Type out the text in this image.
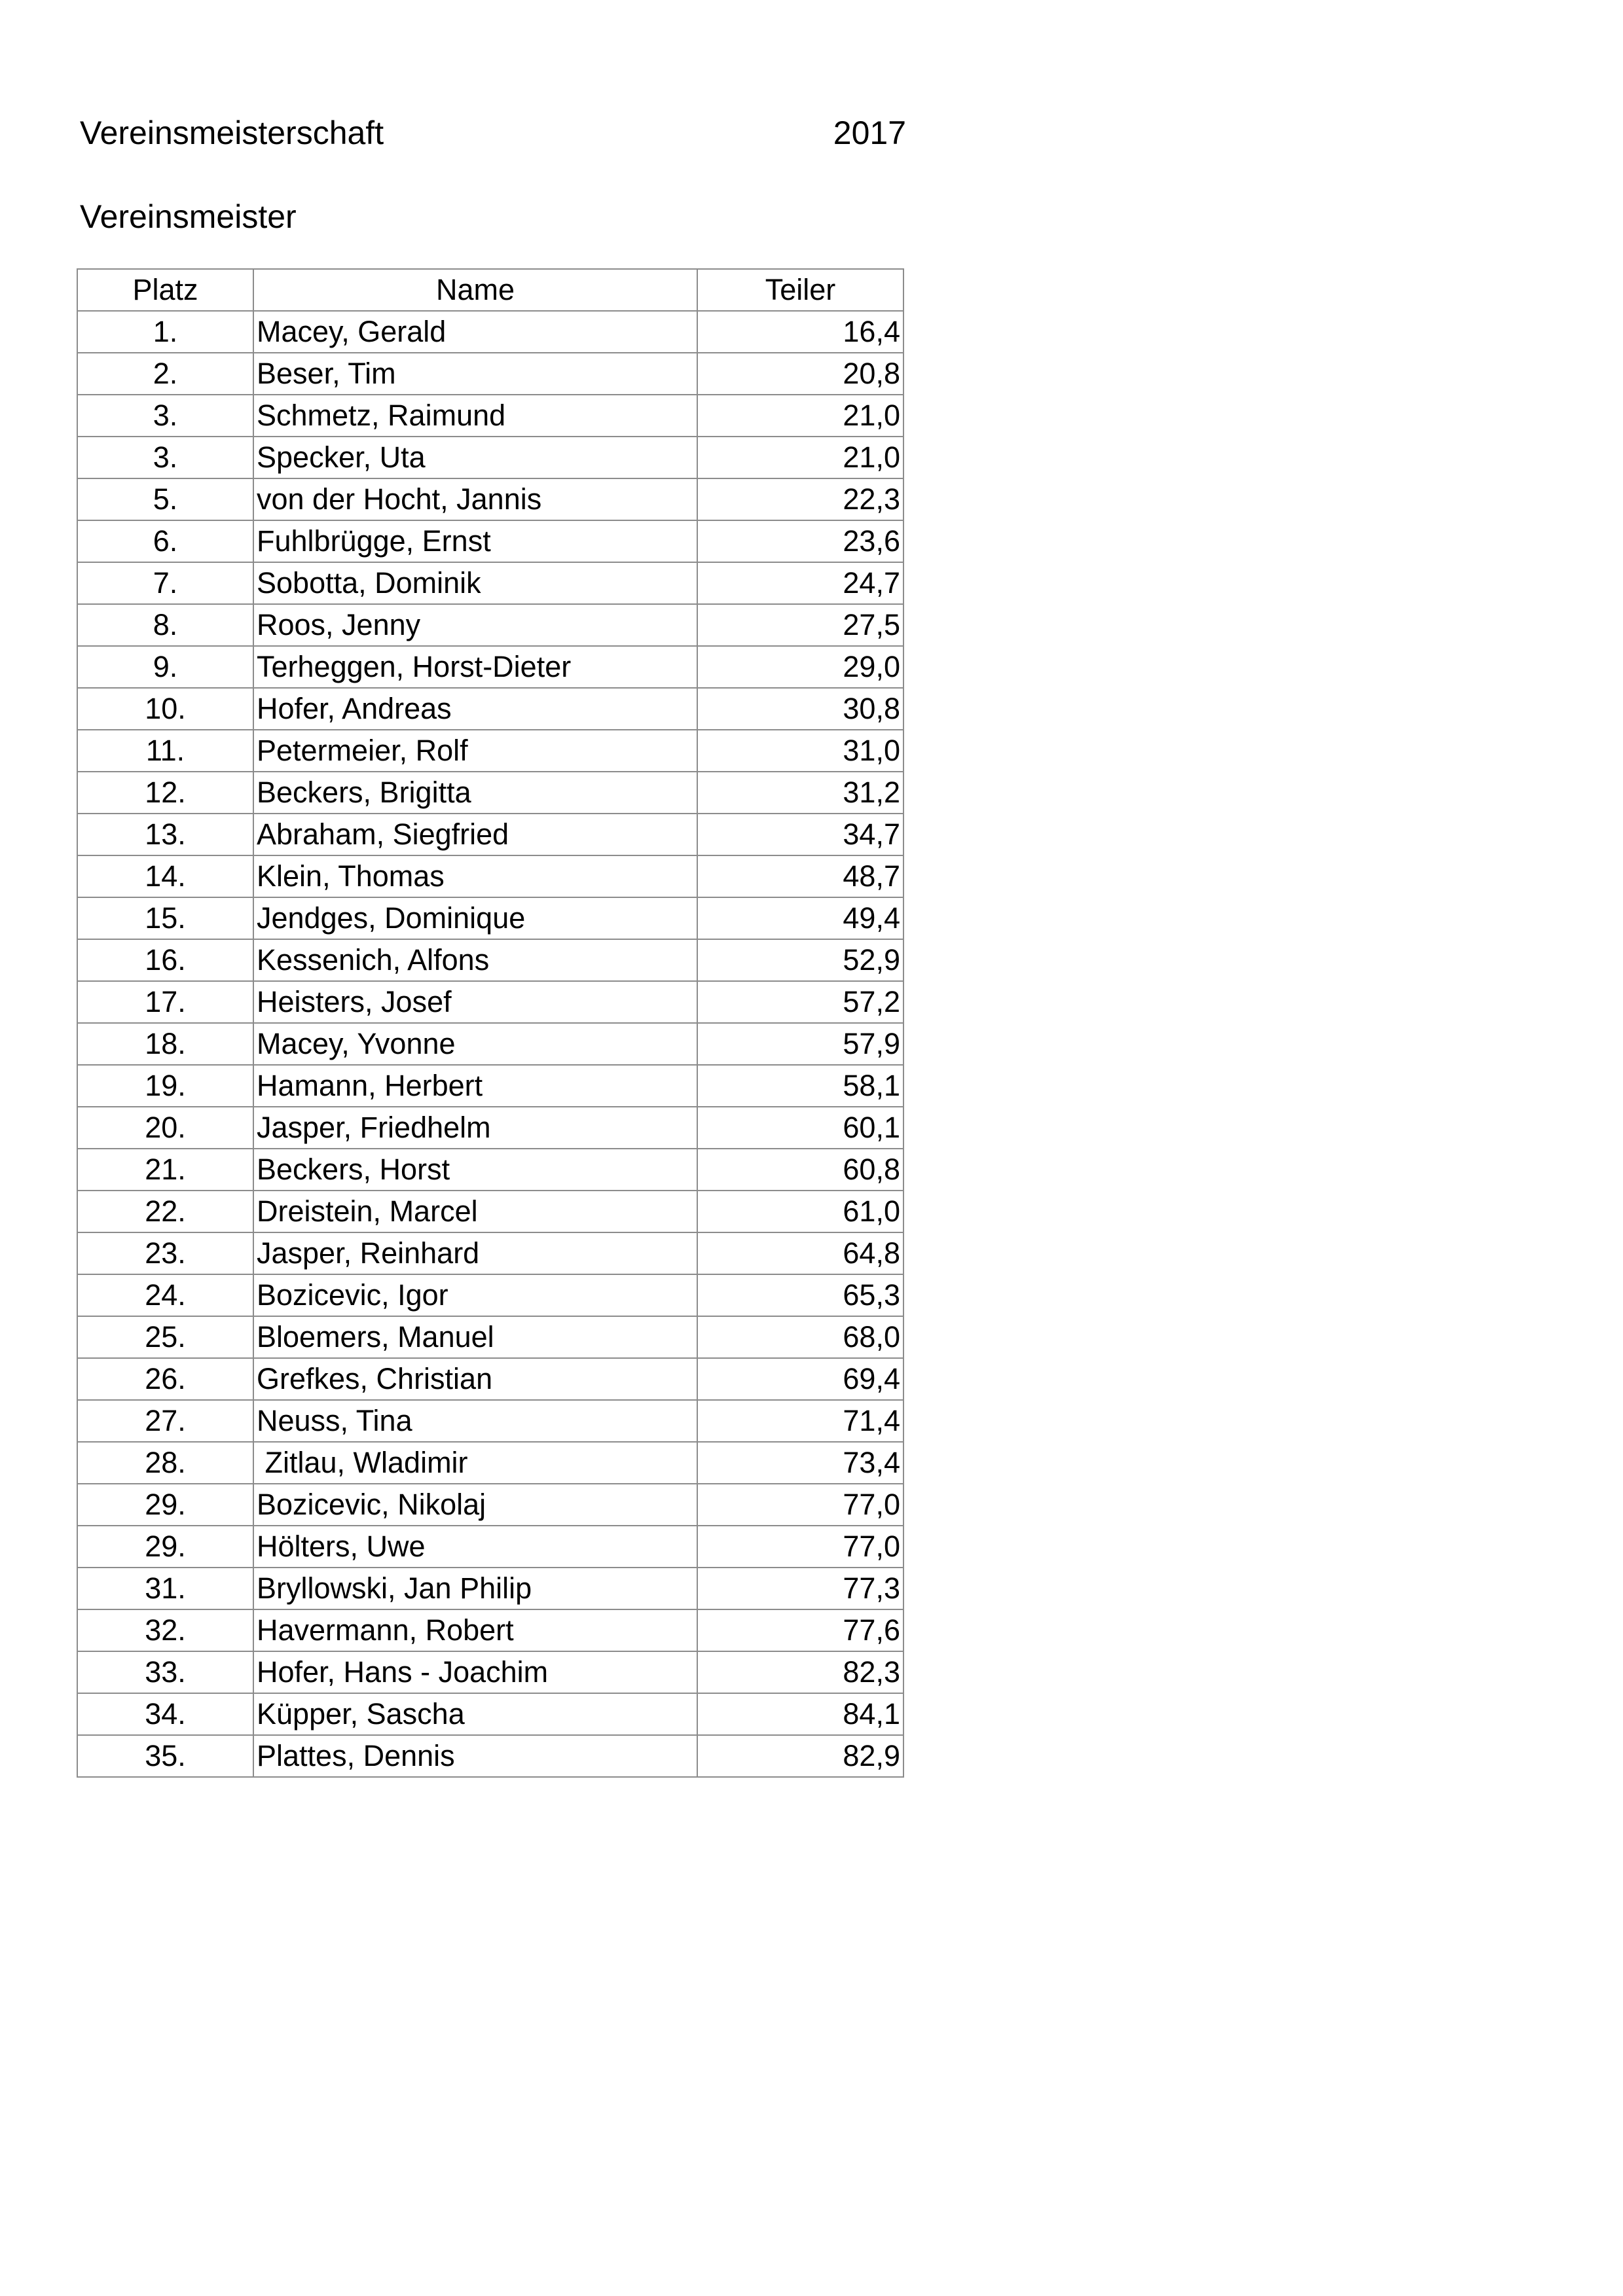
Vereinsmeisterschaft	2017
Vereinsmeister
Platz	Name	Teiler
1.	Macey, Gerald	16,4
2.	Beser, Tim	20,8
3.	Schmetz, Raimund	21,0
3.	Specker, Uta	21,0
5.	von der Hocht, Jannis	22,3
6.	Fuhlbrügge, Ernst	23,6
7.	Sobotta, Dominik	24,7
8.	Roos, Jenny	27,5
9.	Terheggen, Horst-Dieter	29,0
10.	Hofer, Andreas	30,8
11.	Petermeier, Rolf	31,0
12.	Beckers, Brigitta	31,2
13.	Abraham, Siegfried	34,7
14.	Klein, Thomas	48,7
15.	Jendges, Dominique	49,4
16.	Kessenich, Alfons	52,9
17.	Heisters, Josef	57,2
18.	Macey, Yvonne	57,9
19.	Hamann, Herbert	58,1
20.	Jasper, Friedhelm	60,1
21.	Beckers, Horst	60,8
22.	Dreistein, Marcel	61,0
23.	Jasper, Reinhard	64,8
24.	Bozicevic, Igor	65,3
25.	Bloemers, Manuel	68,0
26.	Grefkes, Christian	69,4
27.	Neuss, Tina	71,4
28.	Zitlau, Wladimir	73,4
29.	Bozicevic, Nikolaj	77,0
29.	Hölters, Uwe	77,0
31.	Bryllowski, Jan Philip	77,3
32.	Havermann, Robert	77,6
33.	Hofer, Hans - Joachim	82,3
34.	Küpper, Sascha	84,1
35.	Plattes, Dennis	82,9
